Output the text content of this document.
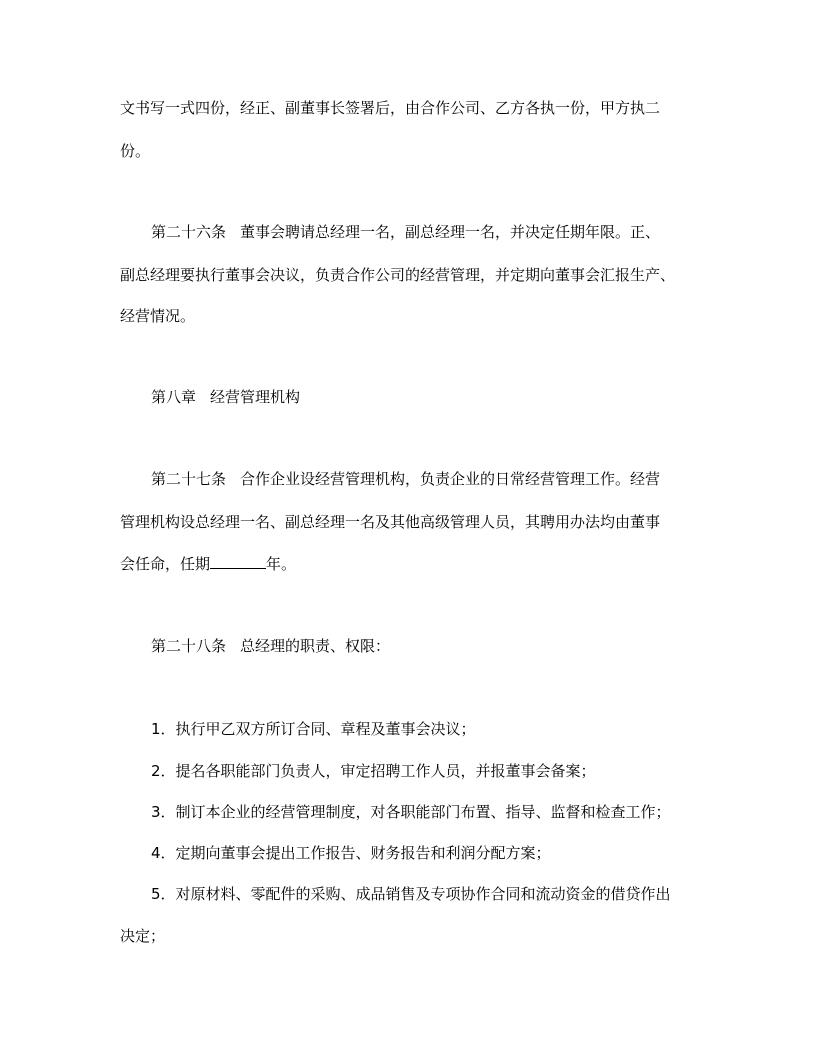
文书写一式四份，经正、副董事长签署后，由合作公司、乙方各执一份，甲方执二
份。
第二十六条 董事会聘请总经理一名，副总经理一名，并决定任期年限。正、
副总经理要执行董事会决议，负责合作公司的经营管理，并定期向董事会汇报生产、
经营情况。
第八章 经营管理机构
第二十七条 合作企业设经营管理机构，负责企业的日常经营管理工作。经营
管理机构设总经理一名、副总经理一名及其他高级管理人员，其聘用办法均由董事
会任命，任期	年。
第二十八条 总经理的职责、权限：
1．执行甲乙双方所订合同、章程及董事会决议；
2．提名各职能部门负责人，审定招聘工作人员，并报董事会备案；
3．制订本企业的经营管理制度，对各职能部门布置、指导、监督和检查工作；
4．定期向董事会提出工作报告、财务报告和利润分配方案；
5．对原材料、零配件的采购、成品销售及专项协作合同和流动资金的借贷作出
决定；
